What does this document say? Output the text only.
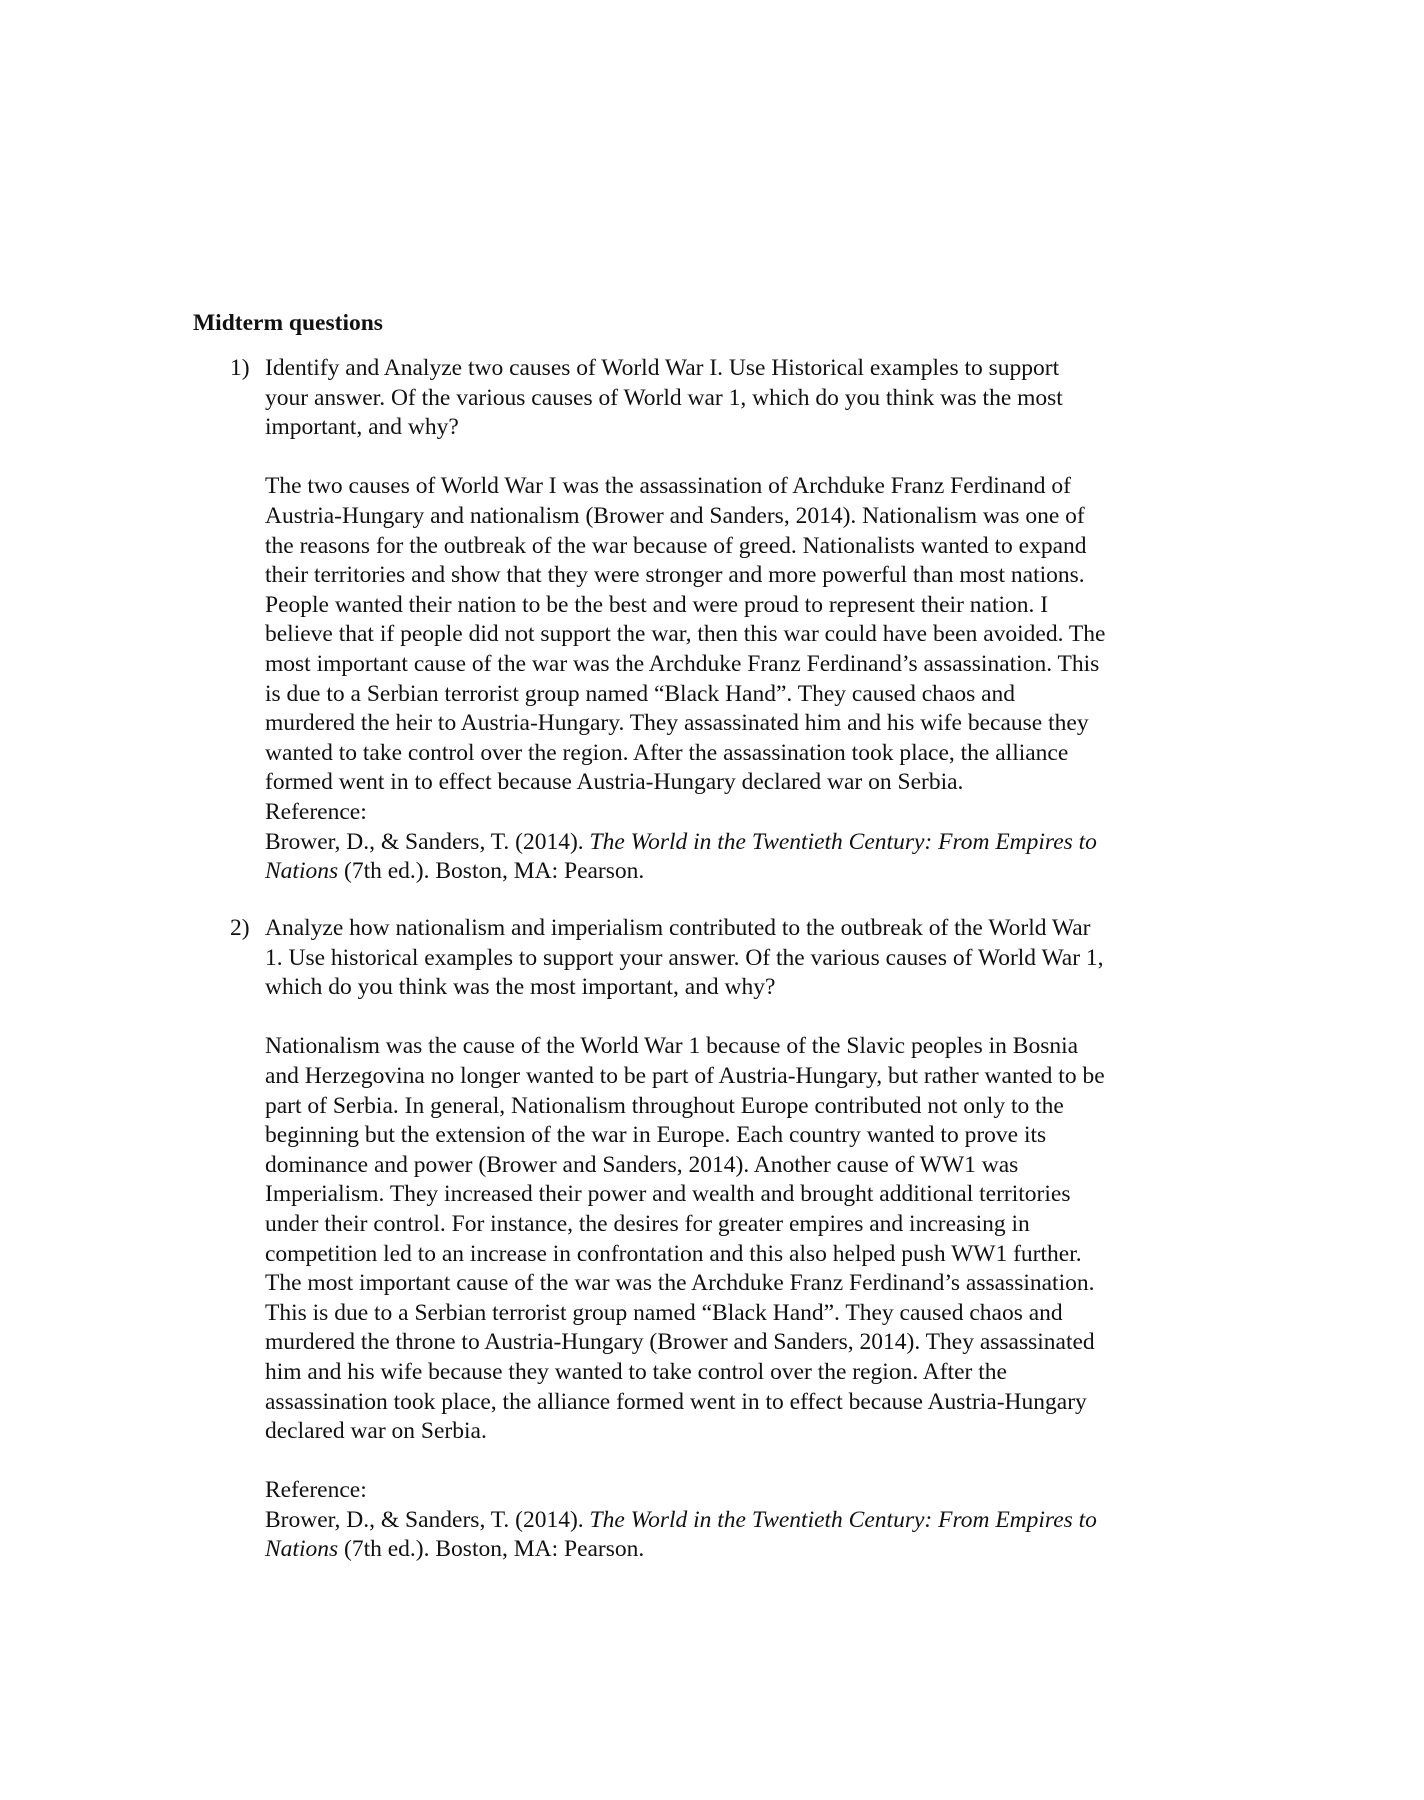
Midterm questions
1) Identify and Analyze two causes of World War I. Use Historical examples to support
your answer. Of the various causes of World war 1, which do you think was the most
important, and why?
The two causes of World War I was the assassination of Archduke Franz Ferdinand of
Austria-Hungary and nationalism (Brower and Sanders, 2014). Nationalism was one of
the reasons for the outbreak of the war because of greed. Nationalists wanted to expand
their territories and show that they were stronger and more powerful than most nations.
People wanted their nation to be the best and were proud to represent their nation. I
believe that if people did not support the war, then this war could have been avoided. The
most important cause of the war was the Archduke Franz Ferdinand’s assassination. This
is due to a Serbian terrorist group named “Black Hand”. They caused chaos and
murdered the heir to Austria-Hungary. They assassinated him and his wife because they
wanted to take control over the region. After the assassination took place, the alliance
formed went in to effect because Austria-Hungary declared war on Serbia.
Reference:
Brower, D., & Sanders, T. (2014). The World in the Twentieth Century: From Empires to
Nations (7th ed.). Boston, MA: Pearson.
2) Analyze how nationalism and imperialism contributed to the outbreak of the World War
1. Use historical examples to support your answer. Of the various causes of World War 1,
which do you think was the most important, and why?
Nationalism was the cause of the World War 1 because of the Slavic peoples in Bosnia
and Herzegovina no longer wanted to be part of Austria-Hungary, but rather wanted to be
part of Serbia. In general, Nationalism throughout Europe contributed not only to the
beginning but the extension of the war in Europe. Each country wanted to prove its
dominance and power (Brower and Sanders, 2014). Another cause of WW1 was
Imperialism. They increased their power and wealth and brought additional territories
under their control. For instance, the desires for greater empires and increasing in
competition led to an increase in confrontation and this also helped push WW1 further.
The most important cause of the war was the Archduke Franz Ferdinand’s assassination.
This is due to a Serbian terrorist group named “Black Hand”. They caused chaos and
murdered the throne to Austria-Hungary (Brower and Sanders, 2014). They assassinated
him and his wife because they wanted to take control over the region. After the
assassination took place, the alliance formed went in to effect because Austria-Hungary
declared war on Serbia.
Reference:
Brower, D., & Sanders, T. (2014). The World in the Twentieth Century: From Empires to
Nations (7th ed.). Boston, MA: Pearson.
